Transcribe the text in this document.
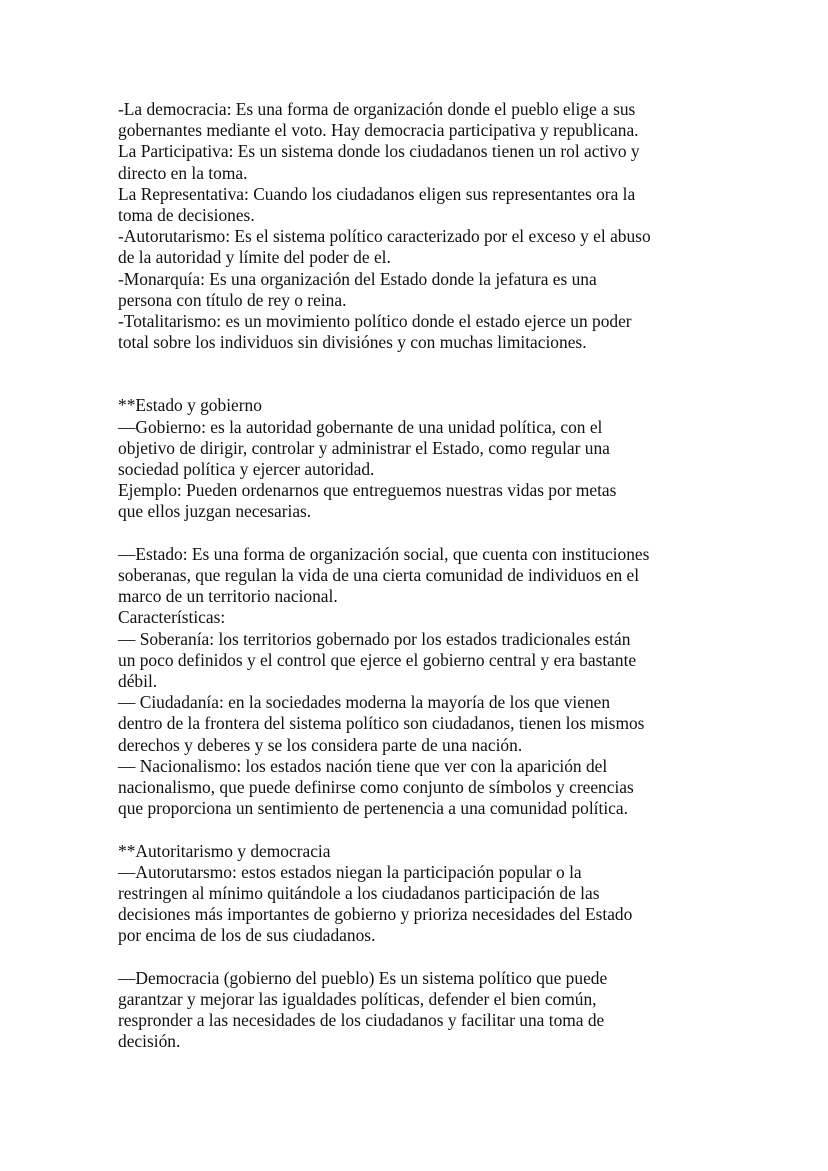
-La democracia: Es una forma de organización donde el pueblo elige a sus
gobernantes mediante el voto. Hay democracia participativa y republicana.
La Participativa: Es un sistema donde los ciudadanos tienen un rol activo y
directo en la toma.
La Representativa: Cuando los ciudadanos eligen sus representantes ora la
toma de decisiones.
-Autorutarismo: Es el sistema político caracterizado por el exceso y el abuso
de la autoridad y límite del poder de el.
-Monarquía: Es una organización del Estado donde la jefatura es una
persona con título de rey o reina.
-Totalitarismo: es un movimiento político donde el estado ejerce un poder
total sobre los individuos sin divisiónes y con muchas limitaciones.
**Estado y gobierno
—Gobierno: es la autoridad gobernante de una unidad política, con el
objetivo de dirigir, controlar y administrar el Estado, como regular una
sociedad política y ejercer autoridad.
Ejemplo: Pueden ordenarnos que entreguemos nuestras vidas por metas
que ellos juzgan necesarias.
—Estado: Es una forma de organización social, que cuenta con instituciones
soberanas, que regulan la vida de una cierta comunidad de individuos en el
marco de un territorio nacional.
Características:
— Soberanía: los territorios gobernado por los estados tradicionales están
un poco definidos y el control que ejerce el gobierno central y era bastante
débil.
— Ciudadanía: en la sociedades moderna la mayoría de los que vienen
dentro de la frontera del sistema político son ciudadanos, tienen los mismos
derechos y deberes y se los considera parte de una nación.
— Nacionalismo: los estados nación tiene que ver con la aparición del
nacionalismo, que puede definirse como conjunto de símbolos y creencias
que proporciona un sentimiento de pertenencia a una comunidad política.
**Autoritarismo y democracia
—Autorutarsmo: estos estados niegan la participación popular o la
restringen al mínimo quitándole a los ciudadanos participación de las
decisiones más importantes de gobierno y prioriza necesidades del Estado
por encima de los de sus ciudadanos.
—Democracia (gobierno del pueblo) Es un sistema político que puede
garantzar y mejorar las igualdades políticas, defender el bien común,
respronder a las necesidades de los ciudadanos y facilitar una toma de
decisión.
